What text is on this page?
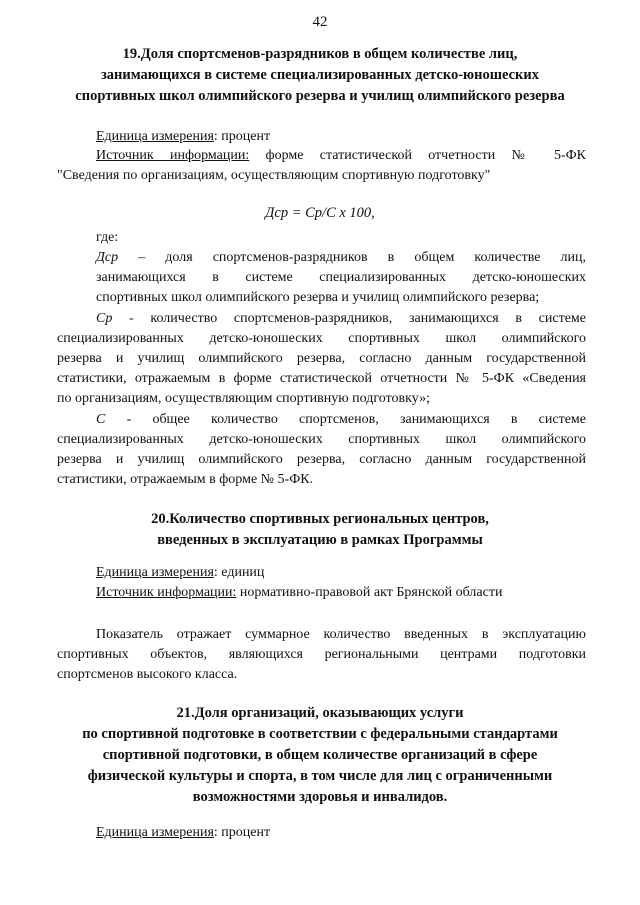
42
19.Доля спортсменов-разрядников в общем количестве лиц,
занимающихся в системе специализированных детско-юношеских
спортивных школ олимпийского резерва и училищ олимпийского резерва
Единица измерения: процент
Источник информации: форме статистической отчетности № 5-ФК
"Сведения по организациям, осуществляющим спортивную подготовку"
Дср = Ср/С х 100,
где:
Дср – доля спортсменов-разрядников в общем количестве лиц,
занимающихся в системе специализированных детско-юношеских
спортивных школ олимпийского резерва и училищ олимпийского резерва;
Ср - количество спортсменов-разрядников, занимающихся в системе
специализированных детско-юношеских спортивных школ олимпийского
резерва и училищ олимпийского резерва, согласно данным государственной
статистики, отражаемым в форме статистической отчетности № 5-ФК «Сведения
по организациям, осуществляющим спортивную подготовку»;
С - общее количество спортсменов, занимающихся в системе
специализированных детско-юношеских спортивных школ олимпийского
резерва и училищ олимпийского резерва, согласно данным государственной
статистики, отражаемым в форме № 5-ФК.
20.Количество спортивных региональных центров,
введенных в эксплуатацию в рамках Программы
Единица измерения: единиц
Источник информации: нормативно-правовой акт Брянской области
Показатель отражает суммарное количество введенных в эксплуатацию
спортивных объектов, являющихся региональными центрами подготовки
спортсменов высокого класса.
21.Доля организаций, оказывающих услуги
по спортивной подготовке в соответствии с федеральными стандартами
спортивной подготовки, в общем количестве организаций в сфере
физической культуры и спорта, в том числе для лиц с ограниченными
возможностями здоровья и инвалидов.
Единица измерения: процент
